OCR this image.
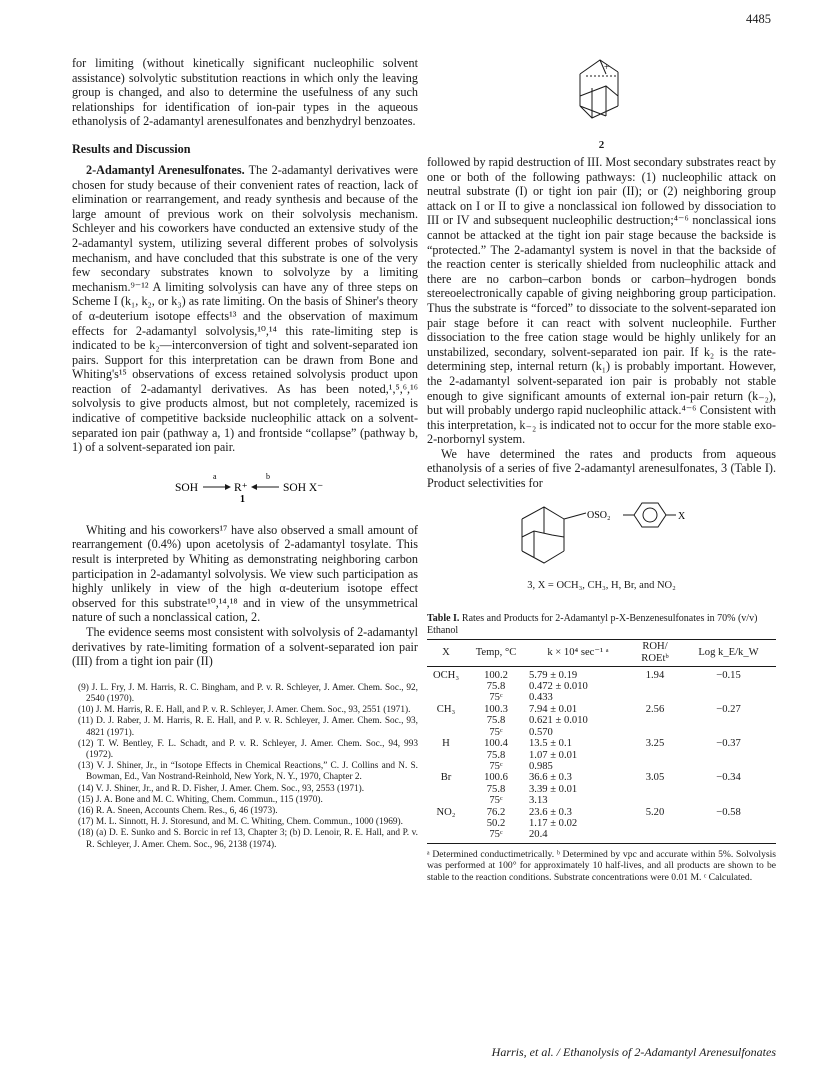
4485

for limiting (without kinetically significant nucleophilic solvent assistance) solvolytic substitution reactions in which only the leaving group is changed, and also to determine the usefulness of any such relationships for identification of ion-pair types in the aqueous ethanolysis of 2-adamantyl arenesulfonates and benzhydryl benzoates.

Results and Discussion

2-Adamantyl Arenesulfonates. The 2-adamantyl derivatives were chosen for study because of their convenient rates of reaction, lack of elimination or rearrangement, and ready synthesis and because of the large amount of previous work on their solvolysis mechanism. Schleyer and his coworkers have conducted an extensive study of the 2-adamantyl system, utilizing several different probes of solvolysis mechanism, and have concluded that this substrate is one of the very few secondary substrates known to solvolyze by a limiting mechanism.⁹⁻¹² A limiting solvolysis can have any of three steps on Scheme I (k₁, k₂, or k₃) as rate limiting. On the basis of Shiner's theory of α-deuterium isotope effects¹³ and the observation of maximum effects for 2-adamantyl solvolysis,¹⁰,¹⁴ this rate-limiting step is indicated to be k₂—interconversion of tight and solvent-separated ion pairs. Support for this interpretation can be drawn from Bone and Whiting's¹⁵ observations of excess retained solvolysis product upon reaction of 2-adamantyl derivatives. As has been noted,¹,⁵,⁶,¹⁶ solvolysis to give products almost, but not completely, racemized is indicative of competitive backside nucleophilic attack on a solvent-separated ion pair (pathway a, 1) and frontside “collapse” (pathway b, 1) of a solvent-separated ion pair.

SOH
a
R⁺
b
SOH X⁻
1

Whiting and his coworkers¹⁷ have also observed a small amount of rearrangement (0.4%) upon acetolysis of 2-adamantyl tosylate. This result is interpreted by Whiting as demonstrating neighboring carbon participation in 2-adamantyl solvolysis. We view such participation as highly unlikely in view of the high α-deuterium isotope effect observed for this substrate¹⁰,¹⁴,¹⁸ and in view of the unsymmetrical nature of such a nonclassical cation, 2.

The evidence seems most consistent with solvolysis of 2-adamantyl derivatives by rate-limiting formation of a solvent-separated ion pair (III) from a tight ion pair (II)

(9) J. L. Fry, J. M. Harris, R. C. Bingham, and P. v. R. Schleyer, J. Amer. Chem. Soc., 92, 2540 (1970).

(10) J. M. Harris, R. E. Hall, and P. v. R. Schleyer, J. Amer. Chem. Soc., 93, 2551 (1971).

(11) D. J. Raber, J. M. Harris, R. E. Hall, and P. v. R. Schleyer, J. Amer. Chem. Soc., 93, 4821 (1971).

(12) T. W. Bentley, F. L. Schadt, and P. v. R. Schleyer, J. Amer. Chem. Soc., 94, 993 (1972).

(13) V. J. Shiner, Jr., in “Isotope Effects in Chemical Reactions,” C. J. Collins and N. S. Bowman, Ed., Van Nostrand-Reinhold, New York, N. Y., 1970, Chapter 2.

(14) V. J. Shiner, Jr., and R. D. Fisher, J. Amer. Chem. Soc., 93, 2553 (1971).

(15) J. A. Bone and M. C. Whiting, Chem. Commun., 115 (1970).

(16) R. A. Sneen, Accounts Chem. Res., 6, 46 (1973).

(17) M. L. Sinnott, H. J. Storesund, and M. C. Whiting, Chem. Commun., 1000 (1969).

(18) (a) D. E. Sunko and S. Borcic in ref 13, Chapter 3; (b) D. Lenoir, R. E. Hall, and P. v. R. Schleyer, J. Amer. Chem. Soc., 96, 2138 (1974).

+
2

followed by rapid destruction of III. Most secondary substrates react by one or both of the following pathways: (1) nucleophilic attack on neutral substrate (I) or tight ion pair (II); or (2) neighboring group attack on I or II to give a nonclassical ion followed by dissociation to III or IV and subsequent nucleophilic destruction;⁴⁻⁶ nonclassical ions cannot be attacked at the tight ion pair stage because the backside is “protected.” The 2-adamantyl system is novel in that the backside of the reaction center is sterically shielded from nucleophilic attack and there are no carbon–carbon bonds or carbon–hydrogen bonds stereoelectronically capable of giving neighboring group participation. Thus the substrate is “forced” to dissociate to the solvent-separated ion pair stage before it can react with solvent nucleophile. Further dissociation to the free cation stage would be highly unlikely for an unstabilized, secondary, solvent-separated ion pair. If k₂ is the rate-determining step, internal return (k₁) is probably important. However, the 2-adamantyl solvent-separated ion pair is probably not stable enough to give significant amounts of external ion-pair return (k₋₂), but will probably undergo rapid nucleophilic attack.⁴⁻⁶ Consistent with this interpretation, k₋₂ is indicated not to occur for the more stable exo-2-norbornyl system.

We have determined the rates and products from aqueous ethanolysis of a series of five 2-adamantyl arenesulfonates, 3 (Table I). Product selectivities for

OSO₂	X
3, X = OCH₃, CH₃, H, Br, and NO₂
Table I. Rates and Products for 2-Adamantyl p-X-Benzenesulfonates in 70% (v/v) Ethanol
X	Temp, °C	k × 10⁴ sec⁻¹ ᵃ	ROH/ ROEtᵇ	Log k_E/k_W
OCH₃	100.2	5.79 ± 0.19	1.94	−0.15
	75.8	0.472 ± 0.010		
	75ᶜ	0.433		
CH₃	100.3	7.94 ± 0.01	2.56	−0.27
	75.8	0.621 ± 0.010		
	75ᶜ	0.570		
H	100.4	13.5 ± 0.1	3.25	−0.37
	75.8	1.07 ± 0.01		
	75ᶜ	0.985		
Br	100.6	36.6 ± 0.3	3.05	−0.34
	75.8	3.39 ± 0.01		
	75ᶜ	3.13		
NO₂	76.2	23.6 ± 0.3	5.20	−0.58
	50.2	1.17 ± 0.02		
	75ᶜ	20.4		
ᵃ Determined conductimetrically. ᵇ Determined by vpc and accurate within 5%. Solvolysis was performed at 100° for approximately 10 half-lives, and all products are shown to be stable to the reaction conditions. Substrate concentrations were 0.01 M. ᶜ Calculated.
Harris, et al. / Ethanolysis of 2-Adamantyl Arenesulfonates
